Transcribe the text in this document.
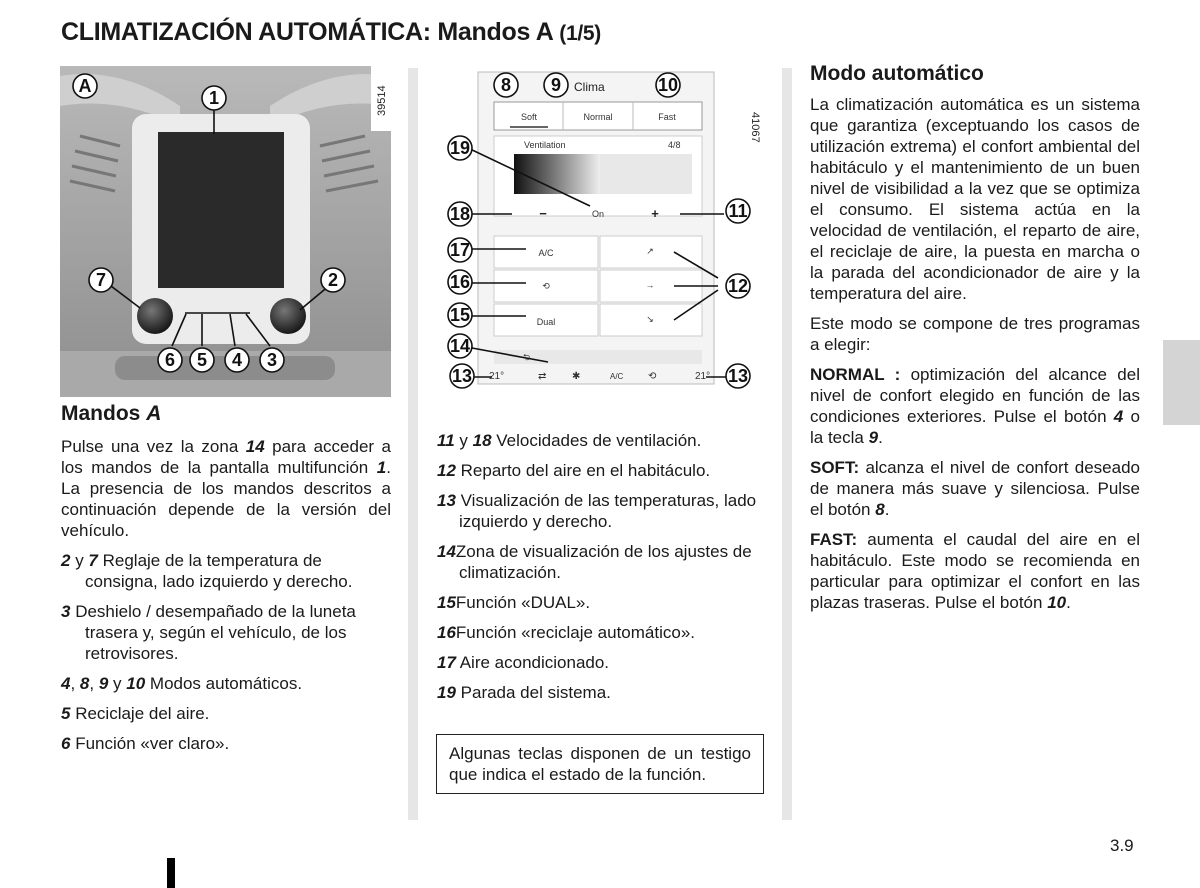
CLIMATIZACIÓN AUTOMÁTICA: Mandos A (1/5)
39514
A
1
2
3
4
5
6
7
41067
Clima
Soft	Normal	Fast
Ventilation	4/8
−	+
On
A/C
Dual
⟲
↗
→
↘
⮌
21°	21°
A/C
⇄	✱	⟲
8 9	10
11
12
13	13
14
15
16
17
18
19
Mandos A

Pulse una vez la zona 14 para acceder a los mandos de la pantalla multifunción 1. La presencia de los mandos descritos a continuación depende de la versión del vehículo.

2 y 7 Reglaje de la temperatura de consigna, lado izquierdo y derecho.

3 Deshielo / desempañado de la luneta trasera y, según el vehículo, de los retrovisores.

4, 8, 9 y 10 Modos automáticos.

5 Reciclaje del aire.

6 Función «ver claro».

11 y 18 Velocidades de ventilación.

12 Reparto del aire en el habitáculo.

13 Visualización de las temperaturas, lado izquierdo y derecho.

14Zona de visualización de los ajustes de climatización.

15Función «DUAL».

16Función «reciclaje automático».

17 Aire acondicionado.

19 Parada del sistema.

Algunas teclas disponen de un testigo que indica el estado de la función.
Modo automático

La climatización automática es un sistema que garantiza (exceptuando los casos de utilización extrema) el confort ambiental del habitáculo y el mantenimiento de un buen nivel de visibilidad a la vez que se optimiza el consumo. El sistema actúa en la velocidad de ventilación, el reparto de aire, el reciclaje de aire, la puesta en marcha o la parada del acondicionador de aire y la temperatura del aire.

Este modo se compone de tres programas a elegir:

NORMAL : optimización del alcance del nivel de confort elegido en función de las condiciones exteriores. Pulse el botón 4 o la tecla 9.

SOFT: alcanza el nivel de confort deseado de manera más suave y silenciosa. Pulse el botón 8.

FAST: aumenta el caudal del aire en el habitáculo. Este modo se recomienda en particular para optimizar el confort en las plazas traseras. Pulse el botón 10.

3.9
